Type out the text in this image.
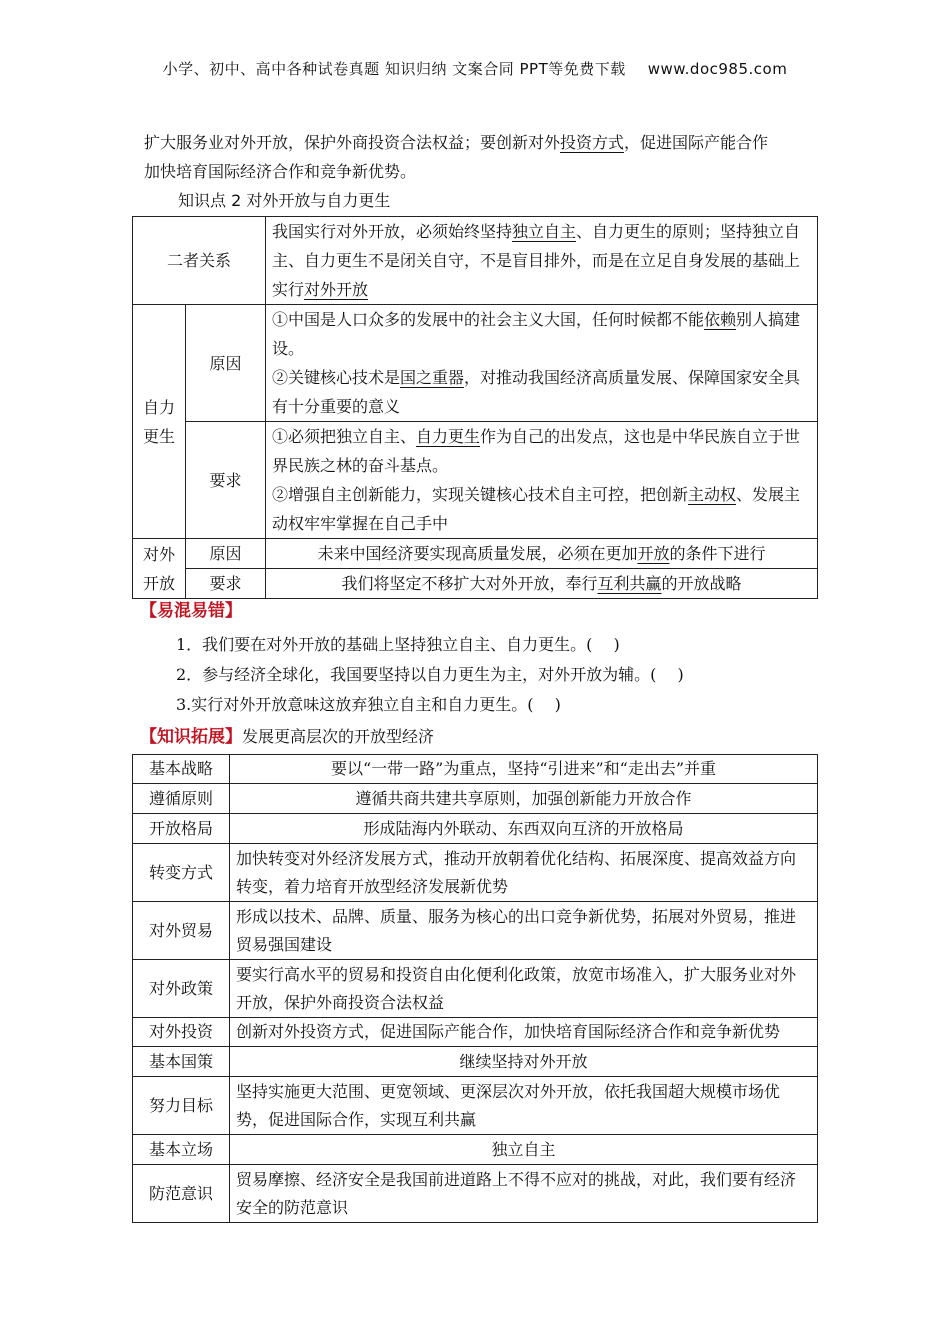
小学、初中、高中各种试卷真题 知识归纳 文案合同 PPT等免费下载 www.doc985.com
扩大服务业对外开放，保护外商投资合法权益；要创新对外投资方式，促进国际产能合作
加快培育国际经济合作和竞争新优势。
知识点 2 对外开放与自力更生
二者关系		我国实行对外开放，必须始终坚持独立自主、自力更生的原则；坚持独立自主、自力更生不是闭关自守，不是盲目排外，而是在立足自身发展的基础上实行对外开放
自力更生	原因	①中国是人口众多的发展中的社会主义大国，任何时候都不能依赖别人搞建设。
②关键核心技术是国之重器，对推动我国经济高质量发展、保障国家安全具有十分重要的意义

	要求	①必须把独立自主、自力更生作为自己的出发点，这也是中华民族自立于世界民族之林的奋斗基点。
②增强自主创新能力，实现关键核心技术自主可控，把创新主动权、发展主动权牢牢掌握在自己手中

对外开放	原因	未来中国经济要实现高质量发展，必须在更加开放的条件下进行
	要求	我们将坚定不移扩大对外开放，奉行互利共赢的开放战略
【易混易错】
1．我们要在对外开放的基础上坚持独立自主、自力更生。(　 )
2．参与经济全球化，我国要坚持以自力更生为主，对外开放为辅。(　 )
3.实行对外开放意味这放弃独立自主和自力更生。(　 )
【知识拓展】发展更高层次的开放型经济
基本战略	要以“一带一路”为重点，坚持“引进来”和“走出去”并重
遵循原则	遵循共商共建共享原则，加强创新能力开放合作
开放格局	形成陆海内外联动、东西双向互济的开放格局
转变方式	加快转变对外经济发展方式，推动开放朝着优化结构、拓展深度、提高效益方向转变，着力培育开放型经济发展新优势
对外贸易	形成以技术、品牌、质量、服务为核心的出口竞争新优势，拓展对外贸易，推进贸易强国建设
对外政策	要实行高水平的贸易和投资自由化便利化政策，放宽市场准入，扩大服务业对外开放，保护外商投资合法权益
对外投资	创新对外投资方式，促进国际产能合作，加快培育国际经济合作和竞争新优势
基本国策	继续坚持对外开放
努力目标	坚持实施更大范围、更宽领域、更深层次对外开放，依托我国超大规模市场优势，促进国际合作，实现互利共赢
基本立场	独立自主
防范意识	贸易摩擦、经济安全是我国前进道路上不得不应对的挑战，对此，我们要有经济安全的防范意识
